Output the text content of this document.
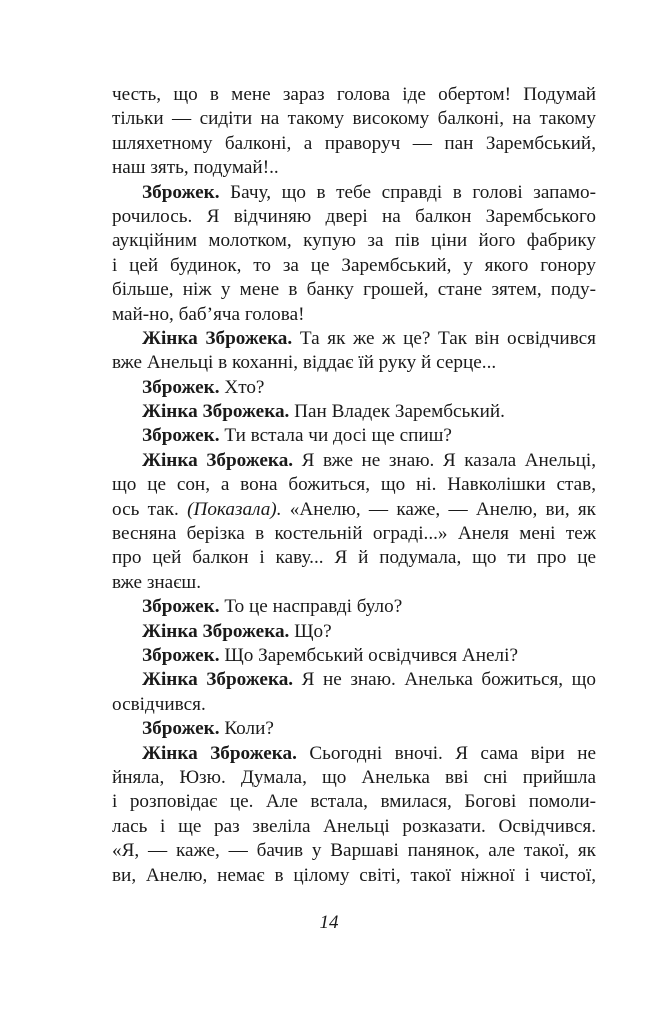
честь, що в мене зараз голова іде обертом! Подумай
тільки — сидіти на такому високому балконі, на такому
шляхетному балконі, а праворуч — пан Зарембський,
наш зять, подумай!..
Зброжек. Бачу, що в тебе справді в голові запамо-
рочилось. Я відчиняю двері на балкон Зарембського
аукційним молотком, купую за пів ціни його фабрику
і цей будинок, то за це Зарембський, у якого гонору
більше, ніж у мене в банку грошей, стане зятем, поду-
май-но, баб’яча голова!
Жінка Зброжека. Та як же ж це? Так він освідчився
вже Анельці в коханні, віддає їй руку й серце...
Зброжек. Хто?
Жінка Зброжека. Пан Владек Зарембський.
Зброжек. Ти встала чи досі ще спиш?
Жінка Зброжека. Я вже не знаю. Я казала Анельці,
що це сон, а вона божиться, що ні. Навколішки став,
ось так. (Показала). «Анелю, — каже, — Анелю, ви, як
весняна берізка в костельній ограді...» Анеля мені теж
про цей балкон і каву... Я й подумала, що ти про це
вже знаєш.
Зброжек. То це насправді було?
Жінка Зброжека. Що?
Зброжек. Що Зарембський освідчився Анелі?
Жінка Зброжека. Я не знаю. Анелька божиться, що
освідчився.
Зброжек. Коли?
Жінка Зброжека. Сьогодні вночі. Я сама віри не
йняла, Юзю. Думала, що Анелька вві сні прийшла
і розповідає це. Але встала, вмилася, Богові помоли-
лась і ще раз звеліла Анельці розказати. Освідчився.
«Я, — каже, — бачив у Варшаві панянок, але такої, як
ви, Анелю, немає в цілому світі, такої ніжної і чистої,
14
